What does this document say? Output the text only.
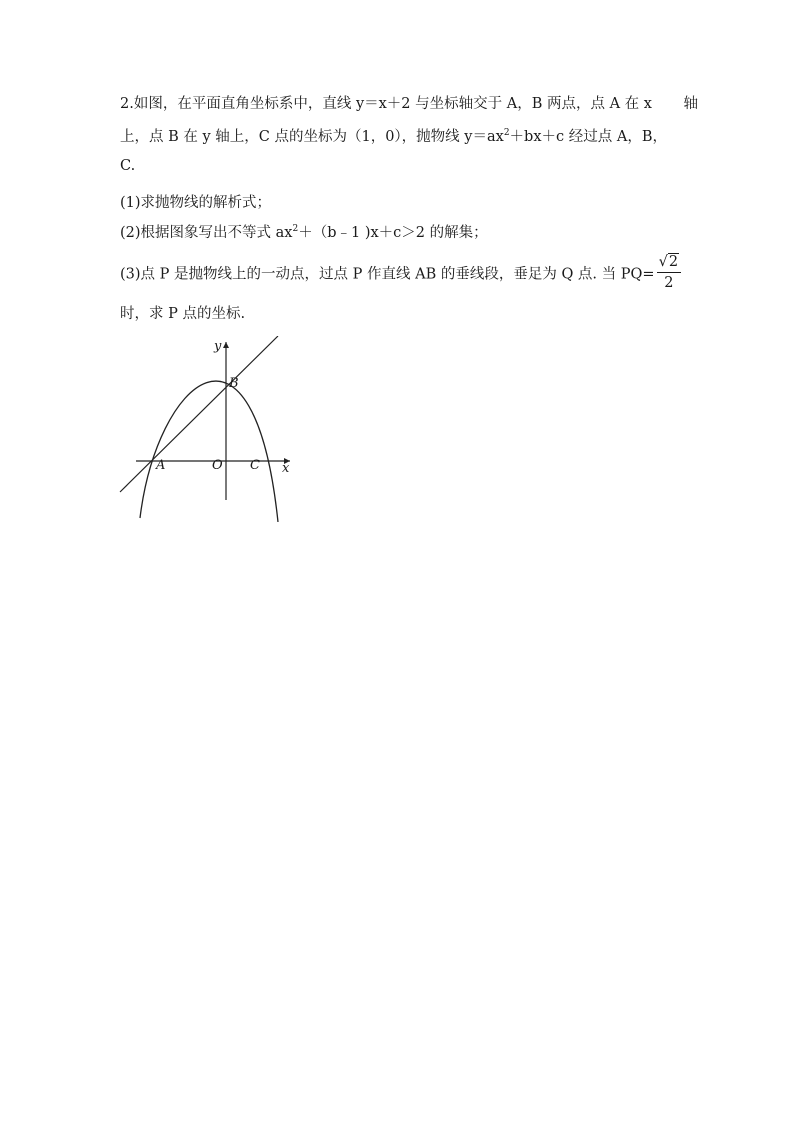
2.如图，在平面直角坐标系中，直线 y＝x＋2 与坐标轴交于 A，B 两点，点 A 在 x 轴
上，点 B 在 y 轴上，C 点的坐标为（1，0），抛物线 $y=ax^2+bx+c$ 经过点 A，B，
C.
(1)求抛物线的解析式；
(2)根据图象写出不等式 $ax^2+(b﹣1$ )x＋c＞2 的解集；
(3)点 P 是抛物线上的一动点，过点 P 作直线 AB 的垂线段，垂足为 Q 点. 当 $PQ= \frac{√2}{2}$
时，求 P 点的坐标.
y
x
A
B
O C
